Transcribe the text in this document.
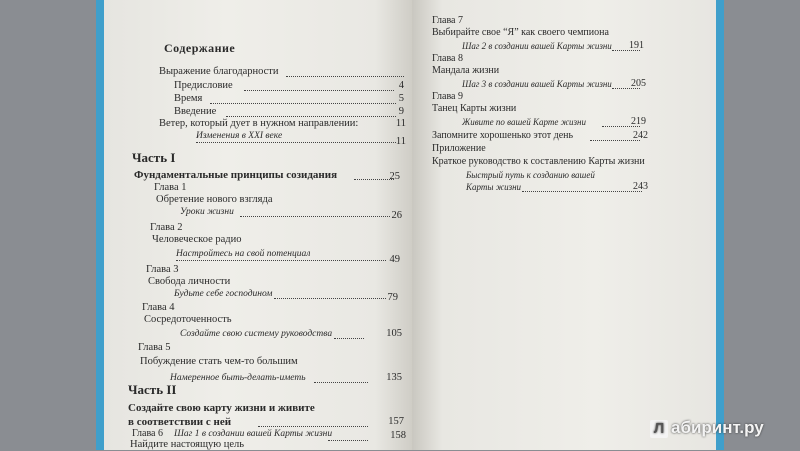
Содержание
Выражение благодарности
Предисловие	4
Время	5
Введение	9
Ветер, который дует в нужном направлении:	11
Изменения в XXI веке	11
Часть I
Фундаментальные принципы созидания	25
Глава 1
Обретение нового взгляда
Уроки жизни	26
Глава 2
Человеческое радио
Настройтесь на свой потенциал	49
Глава 3
Свобода личности
Будьте себе господином	79
Глава 4
Сосредоточенность
Создайте свою систему руководства	105
Глава 5
Побуждение стать чем-то большим
Намеренное быть-делать-иметь	135
Часть II
Создайте свою карту жизни и живите
в соответствии с ней	157
Глава 6
Найдите настоящую цель
Шаг 1 в создании вашей Карты жизни	158
Глава 7
Выбирайте свое “Я” как своего чемпиона
Шаг 2 в создании вашей Карты жизни	191
Глава 8
Мандала жизни
Шаг 3 в создании вашей Карты жизни	205
Глава 9
Танец Карты жизни
Живите по вашей Карте жизни	219
Запомните хорошенько этот день	242
Приложение
Краткое руководство к составлению Карты жизни
Быстрый путь к созданию вашей
Карты жизни	243
Л абиринт.ру
